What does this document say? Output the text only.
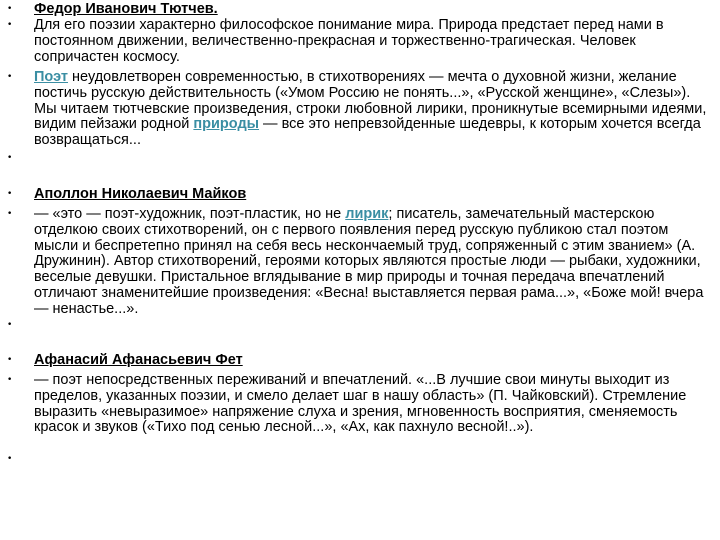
• Федор Иванович Тютчев.
• Для его поэзии характерно философское понимание мира. Природа предстает перед нами в постоянном движении, величественно-прекрасная и торжественно-трагическая. Человек сопричастен космосу.
• Поэт неудовлетворен современностью, в стихотворениях — мечта о духовной жизни, желание постичь русскую действительность («Умом Россию не понять...», «Русской женщине», «Слезы»). Мы читаем тютчевские произведения, строки любовной лирики, проникнутые всемирными идеями, видим пейзажи родной природы — все это непревзойденные шедевры, к которым хочется всегда возвращаться...
•
• Аполлон Николаевич Майков
• — «это — поэт-художник, поэт-пластик, но не лирик; писатель, замечательный мастерскою отделкою своих стихотворений, он с первого появления перед русскую публикою стал поэтом мысли и беспретепно принял на себя весь нескончаемый труд, сопряженный с этим званием» (А. Дружинин). Автор стихотворений, героями которых являются простые люди — рыбаки, художники, веселые девушки. Пристальное вглядывание в мир природы и точная передача впечатлений отличают знаменитейшие произведения: «Весна! выставляется первая рама...», «Боже мой! вчера — ненастье...».
•
• Афанасий Афанасьевич Фет
• — поэт непосредственных переживаний и впечатлений. «...В лучшие свои минуты выходит из пределов, указанных поэзии, и смело делает шаг в нашу область» (П. Чайковский). Стремление выразить «невыразимое» напряжение слуха и зрения, мгновенность восприятия, сменяемость красок и звуков («Тихо под сенью лесной...», «Ах, как пахнуло весной!..»).
•
